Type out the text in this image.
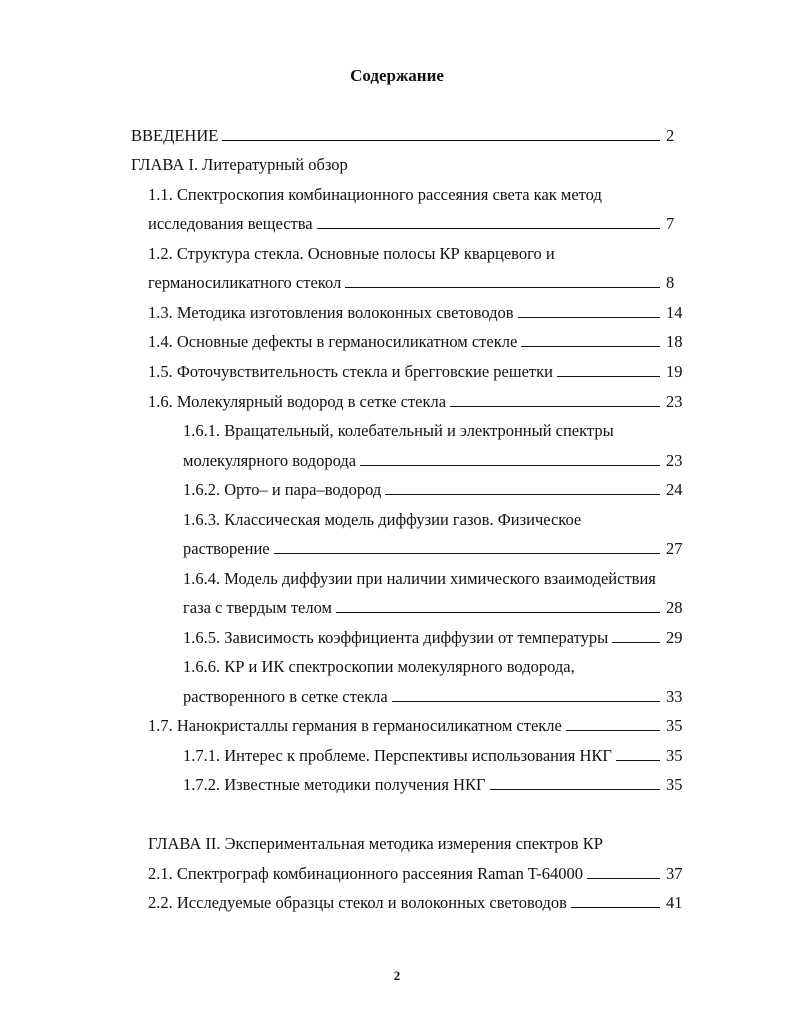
Содержание
ВВЕДЕНИЕ	2
ГЛАВА I. Литературный обзор
1.1. Спектроскопия комбинационного рассеяния света как метод
исследования вещества	7
1.2. Структура стекла. Основные полосы КР кварцевого и
германосиликатного стекол	8
1.3. Методика изготовления волоконных световодов	14
1.4. Основные дефекты в германосиликатном стекле	18
1.5. Фоточувствительность стекла и брегговские решетки	19
1.6. Молекулярный водород в сетке стекла	23
1.6.1. Вращательный, колебательный и электронный спектры
молекулярного водорода	23
1.6.2. Орто– и пара–водород	24
1.6.3. Классическая модель диффузии газов. Физическое
растворение	27
1.6.4. Модель диффузии при наличии химического взаимодействия
газа с твердым телом	28
1.6.5. Зависимость коэффициента диффузии от температуры	29
1.6.6. КР и ИК спектроскопии молекулярного водорода,
растворенного в сетке стекла	33
1.7. Нанокристаллы германия в германосиликатном стекле	35
1.7.1. Интерес к проблеме. Перспективы использования НКГ	35
1.7.2. Известные методики получения НКГ	35
ГЛАВА II. Экспериментальная методика измерения спектров КР
2.1. Спектрограф комбинационного рассеяния Raman T-64000	37
2.2. Исследуемые образцы стекол и волоконных световодов	41
2
